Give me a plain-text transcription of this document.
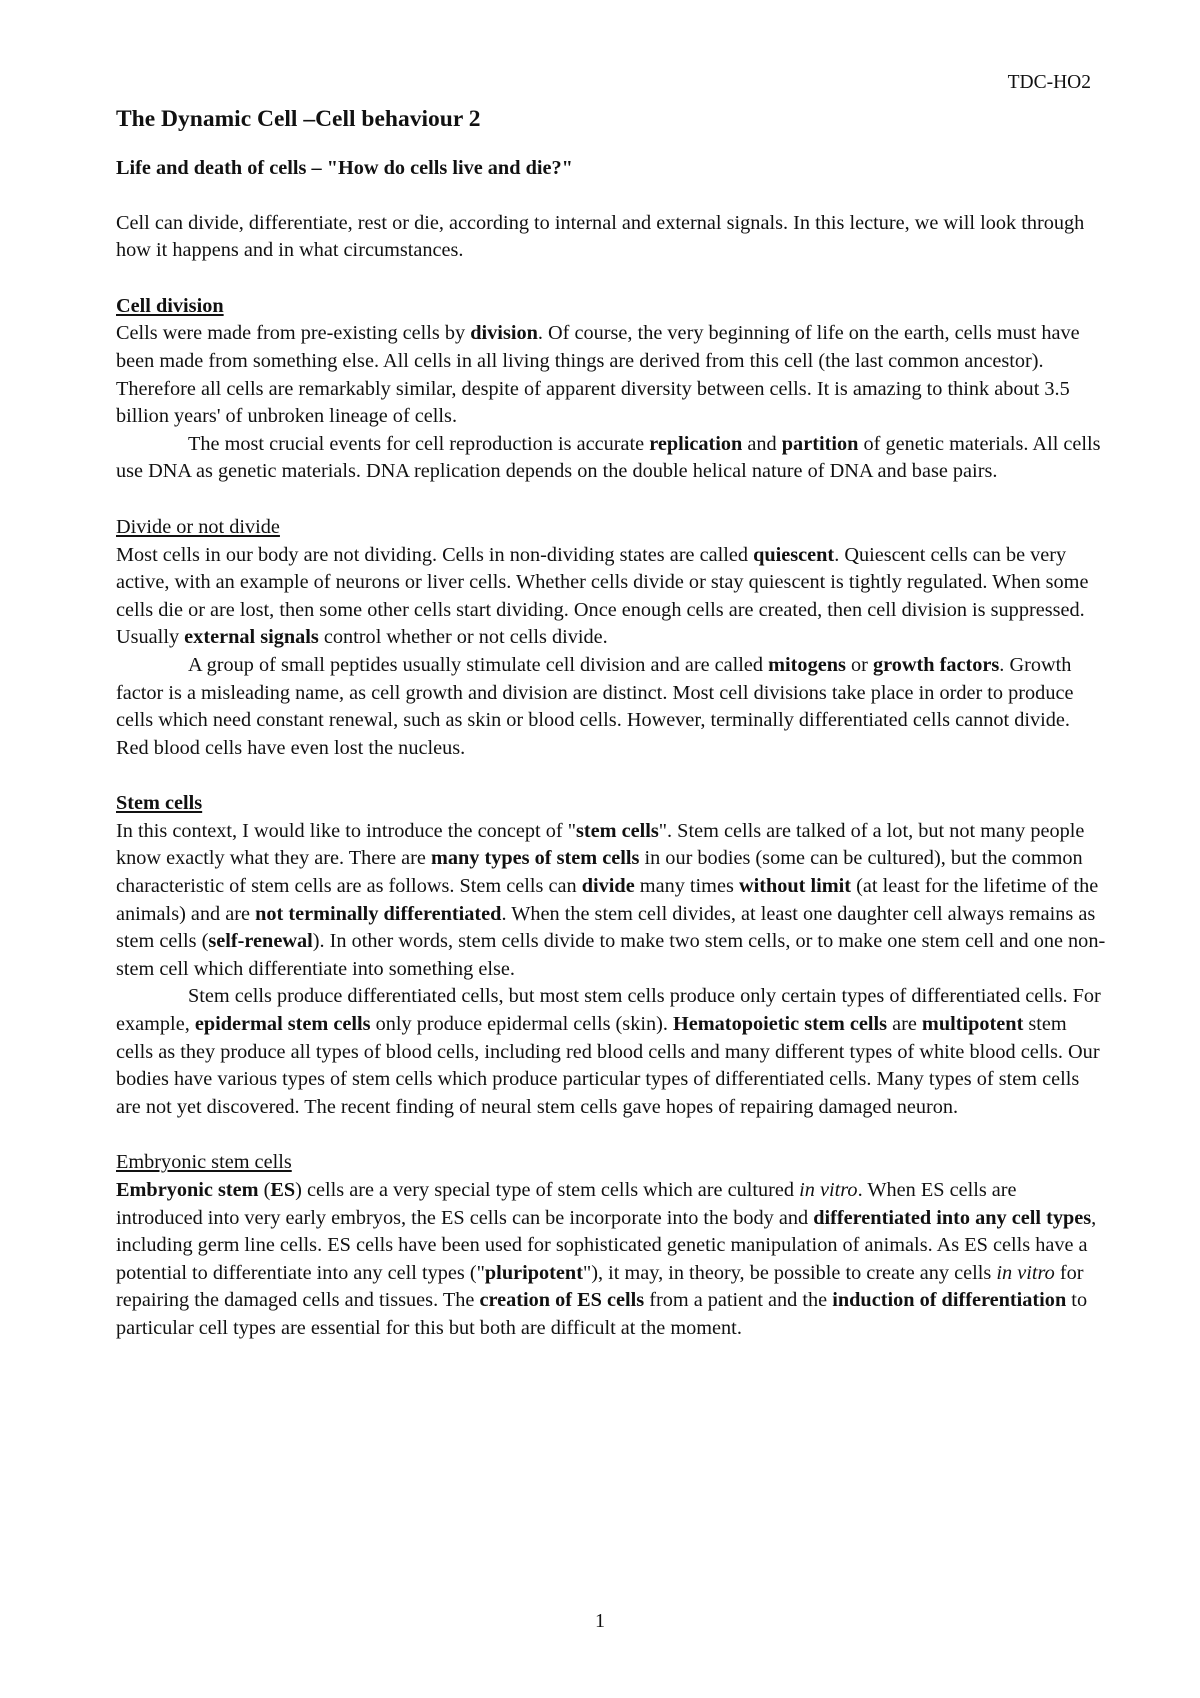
TDC-HO2
The Dynamic Cell –Cell behaviour 2
Life and death of cells – "How do cells live and die?"

Cell can divide, differentiate, rest or die, according to internal and external signals. In this lecture, we will look through how it happens and in what circumstances.

Cell division

Cells were made from pre-existing cells by division. Of course, the very beginning of life on the earth, cells must have been made from something else. All cells in all living things are derived from this cell (the last common ancestor). Therefore all cells are remarkably similar, despite of apparent diversity between cells. It is amazing to think about 3.5 billion years' of unbroken lineage of cells.

The most crucial events for cell reproduction is accurate replication and partition of genetic materials. All cells use DNA as genetic materials. DNA replication depends on the double helical nature of DNA and base pairs.

Divide or not divide

Most cells in our body are not dividing. Cells in non-dividing states are called quiescent. Quiescent cells can be very active, with an example of neurons or liver cells. Whether cells divide or stay quiescent is tightly regulated. When some cells die or are lost, then some other cells start dividing. Once enough cells are created, then cell division is suppressed. Usually external signals control whether or not cells divide.

A group of small peptides usually stimulate cell division and are called mitogens or growth factors. Growth factor is a misleading name, as cell growth and division are distinct. Most cell divisions take place in order to produce cells which need constant renewal, such as skin or blood cells. However, terminally differentiated cells cannot divide. Red blood cells have even lost the nucleus.

Stem cells

In this context, I would like to introduce the concept of "stem cells". Stem cells are talked of a lot, but not many people know exactly what they are. There are many types of stem cells in our bodies (some can be cultured), but the common characteristic of stem cells are as follows. Stem cells can divide many times without limit (at least for the lifetime of the animals) and are not terminally differentiated. When the stem cell divides, at least one daughter cell always remains as stem cells (self-renewal). In other words, stem cells divide to make two stem cells, or to make one stem cell and one non-stem cell which differentiate into something else.

Stem cells produce differentiated cells, but most stem cells produce only certain types of differentiated cells. For example, epidermal stem cells only produce epidermal cells (skin). Hematopoietic stem cells are multipotent stem cells as they produce all types of blood cells, including red blood cells and many different types of white blood cells. Our bodies have various types of stem cells which produce particular types of differentiated cells. Many types of stem cells are not yet discovered. The recent finding of neural stem cells gave hopes of repairing damaged neuron.

Embryonic stem cells

Embryonic stem (ES) cells are a very special type of stem cells which are cultured in vitro. When ES cells are introduced into very early embryos, the ES cells can be incorporate into the body and differentiated into any cell types, including germ line cells. ES cells have been used for sophisticated genetic manipulation of animals. As ES cells have a potential to differentiate into any cell types ("pluripotent"), it may, in theory, be possible to create any cells in vitro for repairing the damaged cells and tissues. The creation of ES cells from a patient and the induction of differentiation to particular cell types are essential for this but both are difficult at the moment.

1
